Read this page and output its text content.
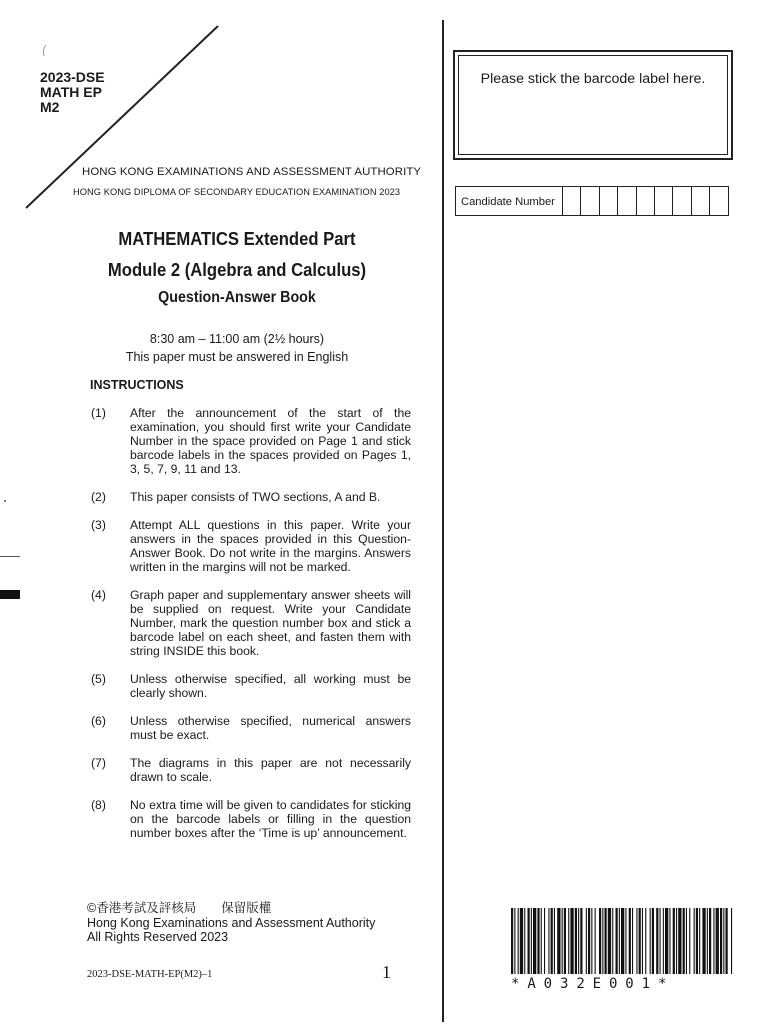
2023-DSE
MATH EP
M2
HONG KONG EXAMINATIONS AND ASSESSMENT AUTHORITY
HONG KONG DIPLOMA OF SECONDARY EDUCATION EXAMINATION 2023
MATHEMATICS Extended Part
Module 2 (Algebra and Calculus)
Question-Answer Book
8:30 am – 11:00 am (2½ hours)
This paper must be answered in English
INSTRUCTIONS
(1) After the announcement of the start of the examination, you should first write your Candidate Number in the space provided on Page 1 and stick barcode labels in the spaces provided on Pages 1, 3, 5, 7, 9, 11 and 13.
(2) This paper consists of TWO sections, A and B.
(3) Attempt ALL questions in this paper. Write your answers in the spaces provided in this Question-Answer Book. Do not write in the margins. Answers written in the margins will not be marked.
(4) Graph paper and supplementary answer sheets will be supplied on request. Write your Candidate Number, mark the question number box and stick a barcode label on each sheet, and fasten them with string INSIDE this book.
(5) Unless otherwise specified, all working must be clearly shown.
(6) Unless otherwise specified, numerical answers must be exact.
(7) The diagrams in this paper are not necessarily drawn to scale.
(8) No extra time will be given to candidates for sticking on the barcode labels or filling in the question number boxes after the ‘Time is up’ announcement.
©香港考試及評核局　　保留版權
Hong Kong Examinations and Assessment Authority
All Rights Reserved 2023
2023-DSE-MATH-EP(M2)–1	1
Please stick the barcode label here.
Candidate Number
*A032E001*
